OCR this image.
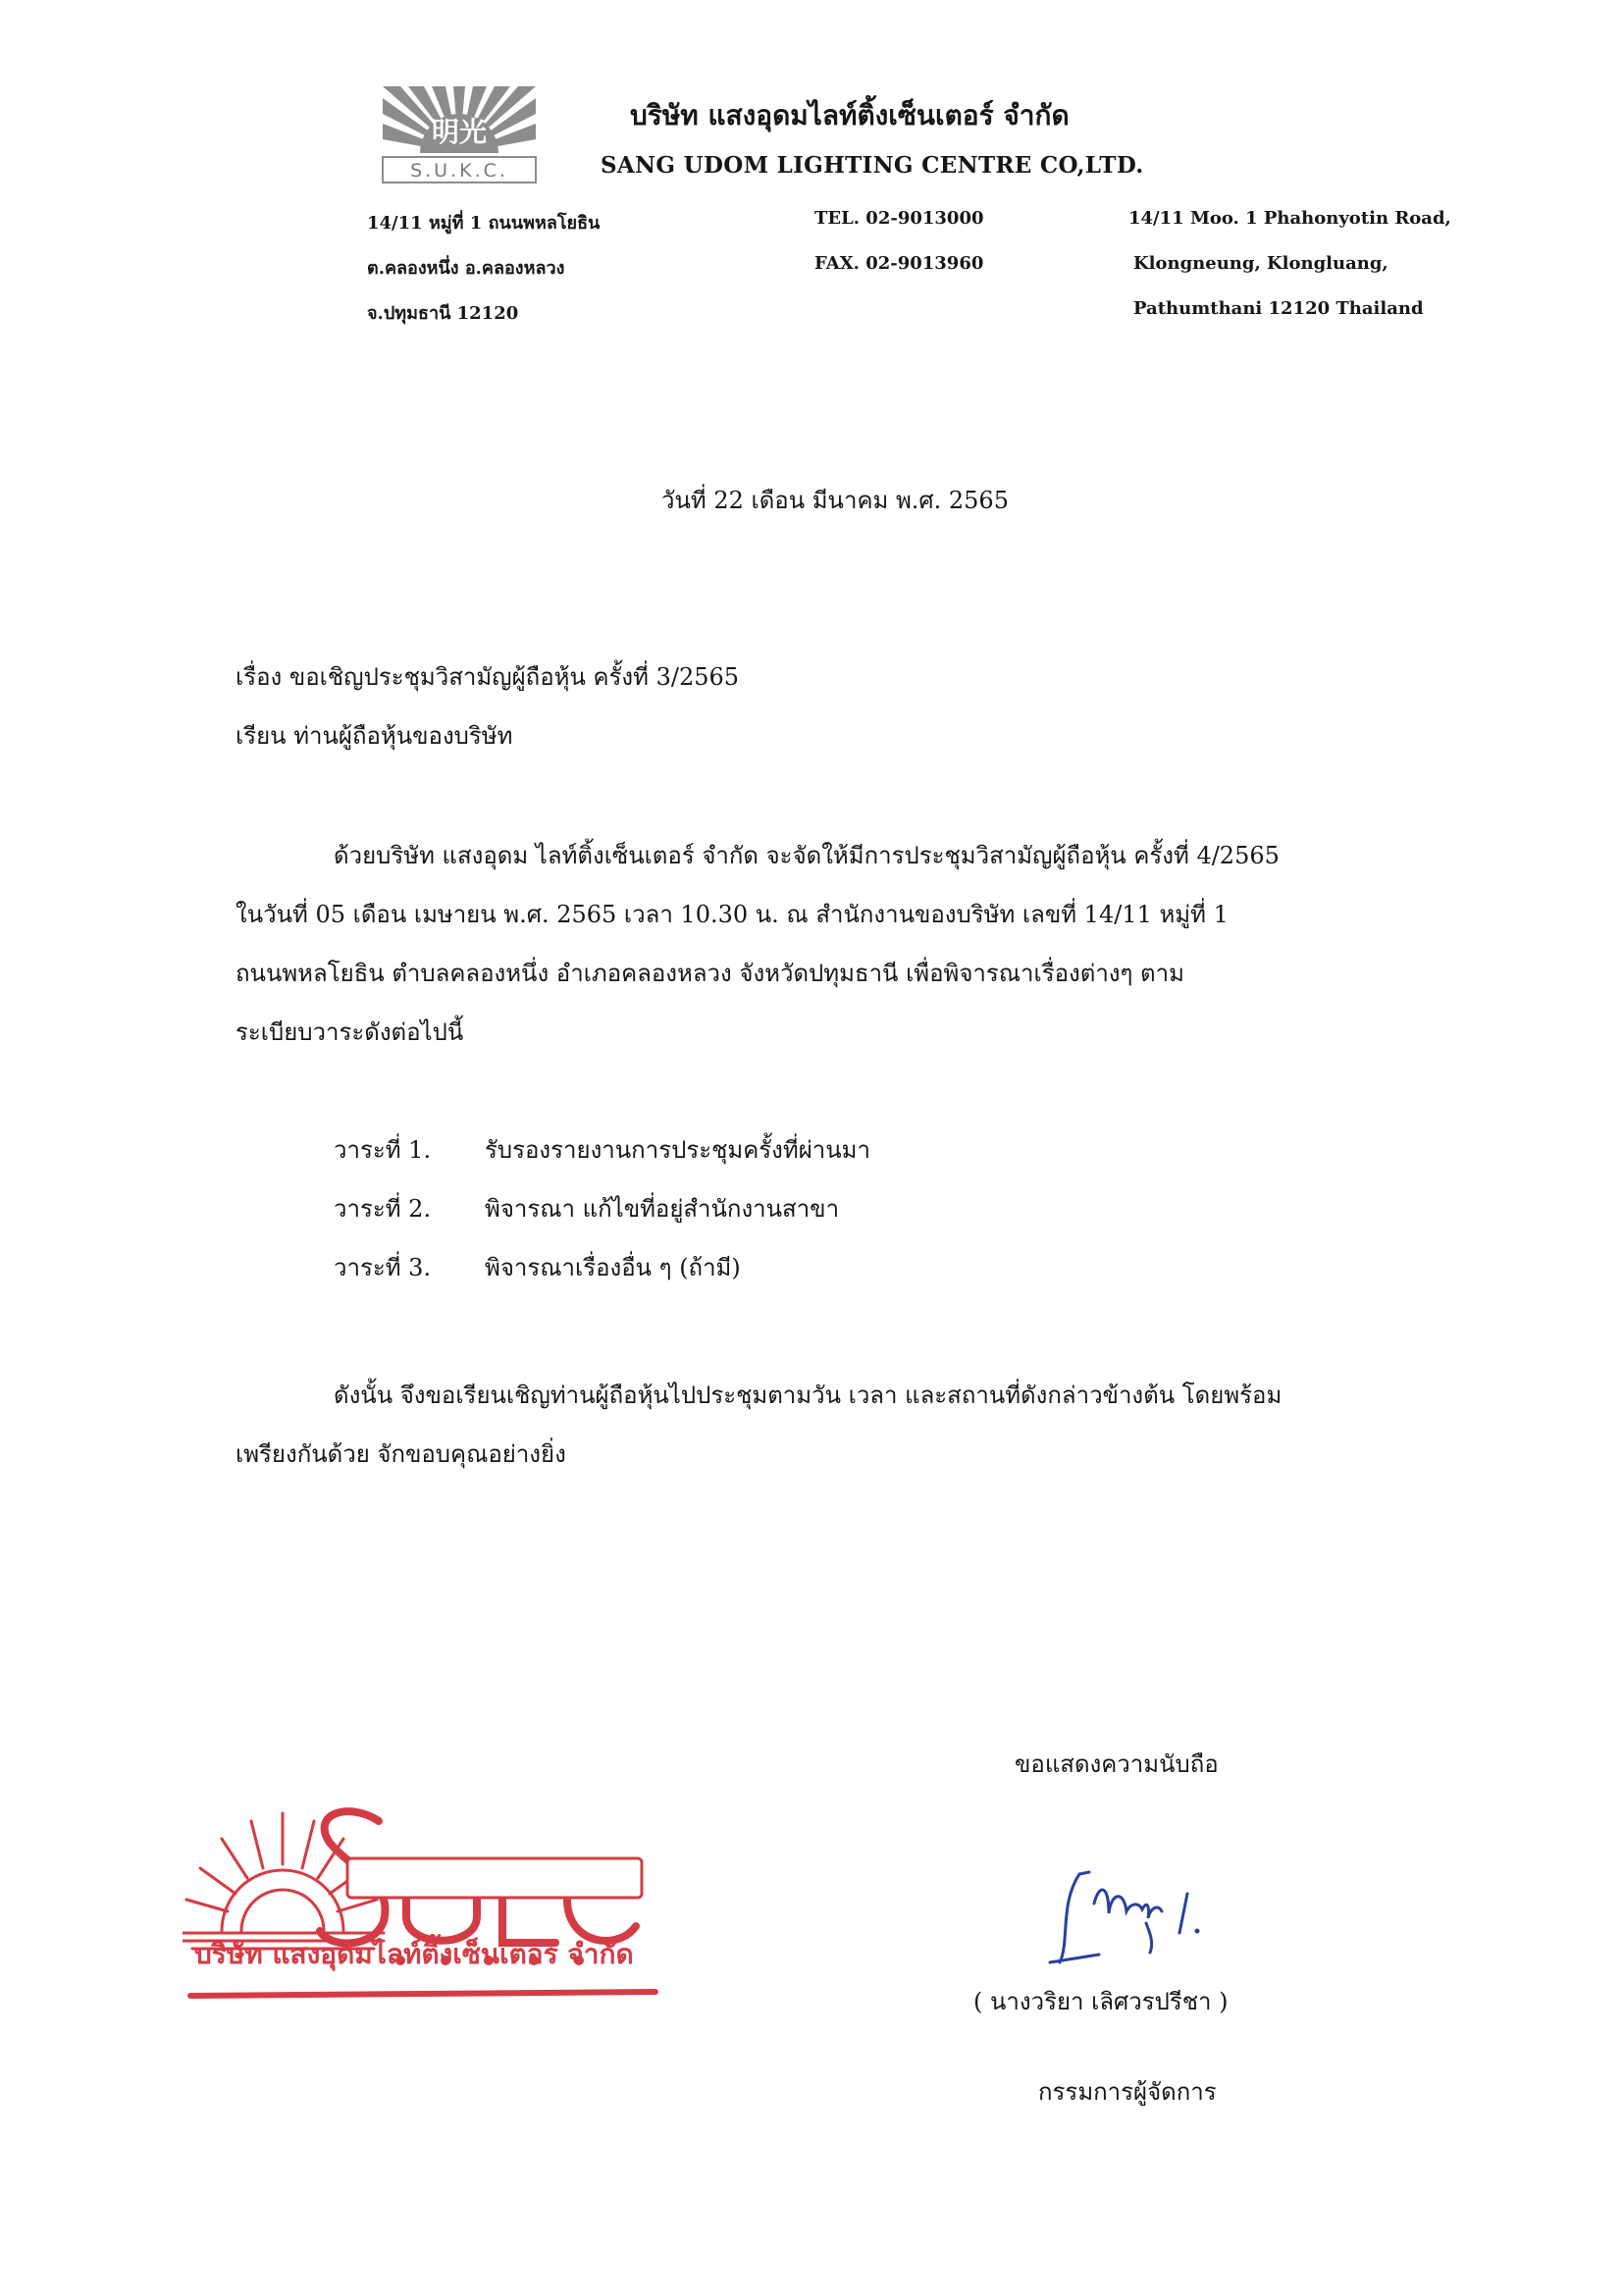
明光
S.U.K.C.
บริษัท แสงอุดมไลท์ติ้งเซ็นเตอร์ จำกัด
SANG UDOM LIGHTING CENTRE CO,LTD.
14/11 หมู่ที่ 1 ถนนพหลโยธิน
ต.คลองหนึ่ง อ.คลองหลวง
จ.ปทุมธานี 12120
TEL. 02-9013000
FAX. 02-9013960
14/11 Moo. 1 Phahonyotin Road,
Klongneung, Klongluang,
Pathumthani 12120 Thailand
วันที่ 22 เดือน มีนาคม พ.ศ. 2565
เรื่อง ขอเชิญประชุมวิสามัญผู้ถือหุ้น ครั้งที่ 3/2565
เรียน ท่านผู้ถือหุ้นของบริษัท
ด้วยบริษัท แสงอุดม ไลท์ติ้งเซ็นเตอร์ จำกัด จะจัดให้มีการประชุมวิสามัญผู้ถือหุ้น ครั้งที่ 4/2565
ในวันที่ 05 เดือน เมษายน พ.ศ. 2565 เวลา 10.30 น. ณ สำนักงานของบริษัท เลขที่ 14/11 หมู่ที่ 1
ถนนพหลโยธิน ตำบลคลองหนึ่ง อำเภอคลองหลวง จังหวัดปทุมธานี เพื่อพิจารณาเรื่องต่างๆ ตาม
ระเบียบวาระดังต่อไปนี้
วาระที่ 1. รับรองรายงานการประชุมครั้งที่ผ่านมา
วาระที่ 2. พิจารณา แก้ไขที่อยู่สำนักงานสาขา
วาระที่ 3. พิจารณาเรื่องอื่น ๆ (ถ้ามี)
ดังนั้น จึงขอเรียนเชิญท่านผู้ถือหุ้นไปประชุมตามวัน เวลา และสถานที่ดังกล่าวข้างต้น โดยพร้อม
เพรียงกันด้วย จักขอบคุณอย่างยิ่ง
ขอแสดงความนับถือ
( นางวริยา เลิศวรปรีชา )
กรรมการผู้จัดการ
บริษัท แสงอุดมไลท์ติ้งเซ็นเตอร์ จำกัด
